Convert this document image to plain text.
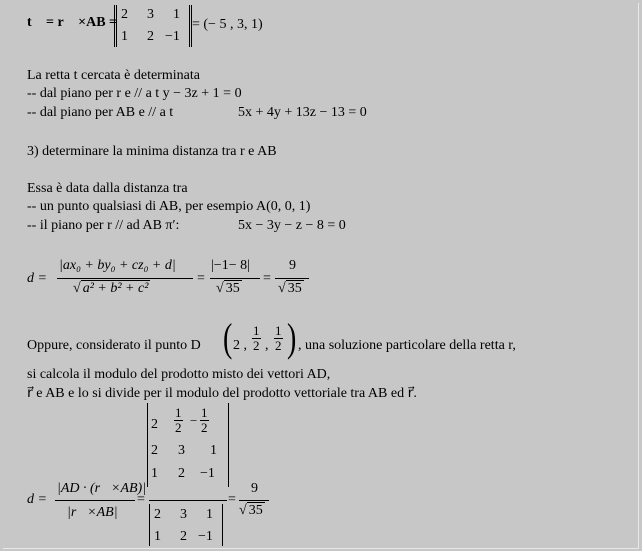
t⃗ = r⃗ ×AB =
2 3 1
1 2 −1
= (− 5 , 3, 1)
La retta t cercata è determinata
-- dal piano per r e // a t y − 3z + 1 = 0
-- dal piano per AB e // a t	5x + 4y + 13z − 13 = 0
3) determinare la minima distanza tra r e AB
Essa è data dalla distanza tra
-- un punto qualsiasi di AB, per esempio A(0, 0, 1)
-- il piano per r // ad AB π′:	5x − 3y − z − 8 = 0
d =
|ax₀ + by₀ + cz₀ + d|
√ a² + b² + c²
=
|−1− 8|
√ 35
=
9
√ 35
Oppure, considerato il punto D ( 2 ,
1
2 ,
1
2 ) , una soluzione particolare della retta r,
si calcola il modulo del prodotto misto dei vettori AD,
r⃗ e AB e lo si divide per il modulo del prodotto vettoriale tra AB ed r⃗.
d =
|AD · (r⃗×AB)|
|r⃗×AB|
=
2
1
2 −
1
2
2 3 1
1 2 −1
2 3 1
1 2 −1
=
9
√ 35
